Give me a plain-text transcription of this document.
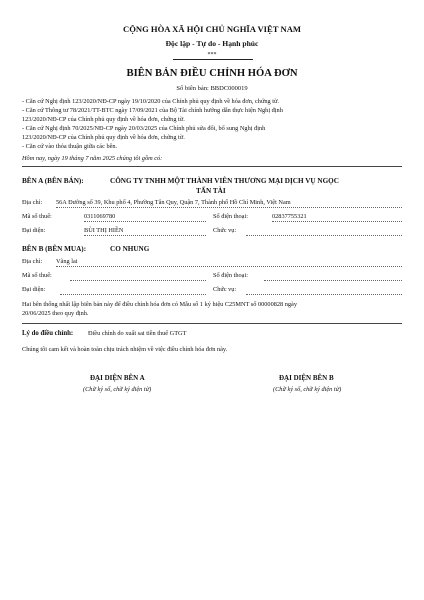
CỘNG HÒA XÃ HỘI CHỦ NGHĨA VIỆT NAM
Độc lập - Tự do - Hạnh phúc
***
BIÊN BẢN ĐIỀU CHỈNH HÓA ĐƠN
Số biên bản: BBDC000019
- Căn cứ Nghị định 123/2020/NĐ-CP ngày 19/10/2020 của Chính phủ quy định về hóa đơn, chứng từ.
- Căn cứ Thông tư 78/2021/TT-BTC ngày 17/09/2021 của Bộ Tài chính hướng dẫn thực hiện Nghị định
123/2020/NĐ-CP của Chính phủ quy định về hóa đơn, chứng từ.
- Căn cứ Nghị định 70/2025/NĐ-CP ngày 20/03/2025 của Chính phủ sửa đổi, bổ sung Nghị định
123/2020/NĐ-CP của Chính phủ quy định về hóa đơn, chứng từ.
- Căn cứ vào thỏa thuận giữa các bên.
Hôm nay, ngày 19 tháng 7 năm 2025 chúng tôi gồm có:
BÊN A (BÊN BÁN):	CÔNG TY TNHH MỘT THÀNH VIÊN THƯƠNG MẠI DỊCH VỤ NGỌC
TẤN TÀI
Địa chỉ: 56A Đường số 39, Khu phố 4, Phường Tân Quy, Quận 7, Thành phố Hồ Chí Minh, Việt Nam
Mã số thuế:	0311069780	Số điện thoại:	02837755321
Đại diện:	BÙI THỊ HIỀN	Chức vụ:
BÊN B (BÊN MUA):	CO NHUNG
Địa chỉ: Vãng lai
Mã số thuế:	Số điện thoại:
Đại diện:	Chức vụ:
Hai bên thống nhất lập biên bản này để điều chỉnh hóa đơn có Mẫu số 1 ký hiệu C25MNT số 00000828 ngày
20/06/2025 theo quy định.
Lý do điều chỉnh: Điều chỉnh do xuất sai tiền thuế GTGT
Chúng tôi cam kết và hoàn toàn chịu trách nhiệm về việc điều chỉnh hóa đơn này.
ĐẠI DIỆN BÊN A
(Chữ ký số, chữ ký điện tử)
ĐẠI DIỆN BÊN B
(Chữ ký số, chữ ký điện tử)
